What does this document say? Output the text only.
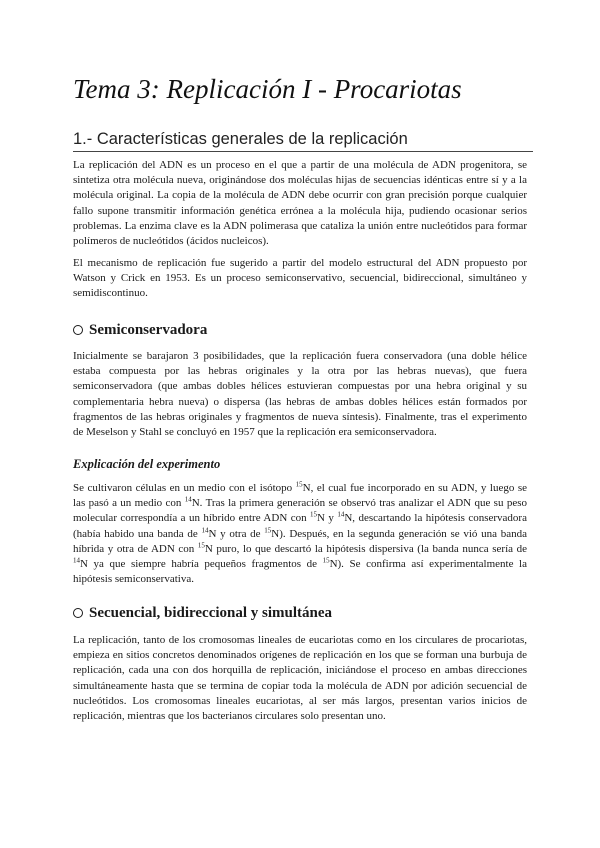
Tema 3: Replicación I - Procariotas
1.- Características generales de la replicación

La replicación del ADN es un proceso en el que a partir de una molécula de ADN progenitora, se sintetiza otra molécula nueva, originándose dos moléculas hijas de secuencias idénticas entre sí y a la molécula original. La copia de la molécula de ADN debe ocurrir con gran precisión porque cualquier fallo supone transmitir información genética errónea a la molécula hija, pudiendo ocasionar serios problemas. La enzima clave es la ADN polimerasa que cataliza la unión entre nucleótidos para formar polímeros de nucleótidos (ácidos nucleicos).

El mecanismo de replicación fue sugerido a partir del modelo estructural del ADN propuesto por Watson y Crick en 1953. Es un proceso semiconservativo, secuencial, bidireccional, simultáneo y semidiscontinuo.

Semiconservadora

Inicialmente se barajaron 3 posibilidades, que la replicación fuera conservadora (una doble hélice estaba compuesta por las hebras originales y la otra por las hebras nuevas), que fuera semiconservadora (que ambas dobles hélices estuvieran compuestas por una hebra original y su complementaria hebra nueva) o dispersa (las hebras de ambas dobles hélices están formados por fragmentos de las hebras originales y fragmentos de nueva síntesis). Finalmente, tras el experimento de Meselson y Stahl se concluyó en 1957 que la replicación era semiconservadora.

Explicación del experimento

Se cultivaron células en un medio con el isótopo $^{15}$N, el cual fue incorporado en su ADN, y luego se las pasó a un medio con $^{14}$N. Tras la primera generación se observó tras analizar el ADN que su peso molecular correspondía a un híbrido entre ADN con $^{15}$N y $^{14}$N, descartando la hipótesis conservadora (había habido una banda de $^{14}$N y otra de $^{15}$N). Después, en la segunda generación se vió una banda híbrida y otra de ADN con $^{15}$N puro, lo que descartó la hipótesis dispersiva (la banda nunca sería de $^{14}$N ya que siempre habría pequeños fragmentos de $^{15}$N). Se confirma así experimentalmente la hipótesis semiconservativa.

Secuencial, bidireccional y simultánea

La replicación, tanto de los cromosomas lineales de eucariotas como en los circulares de procariotas, empieza en sitios concretos denominados orígenes de replicación en los que se forman una burbuja de replicación, cada una con dos horquilla de replicación, iniciándose el proceso en ambas direcciones simultáneamente hasta que se termina de copiar toda la molécula de ADN por adición secuencial de nucleótidos. Los cromosomas lineales eucariotas, al ser más largos, presentan varios inicios de replicación, mientras que los bacterianos circulares solo presentan uno.
